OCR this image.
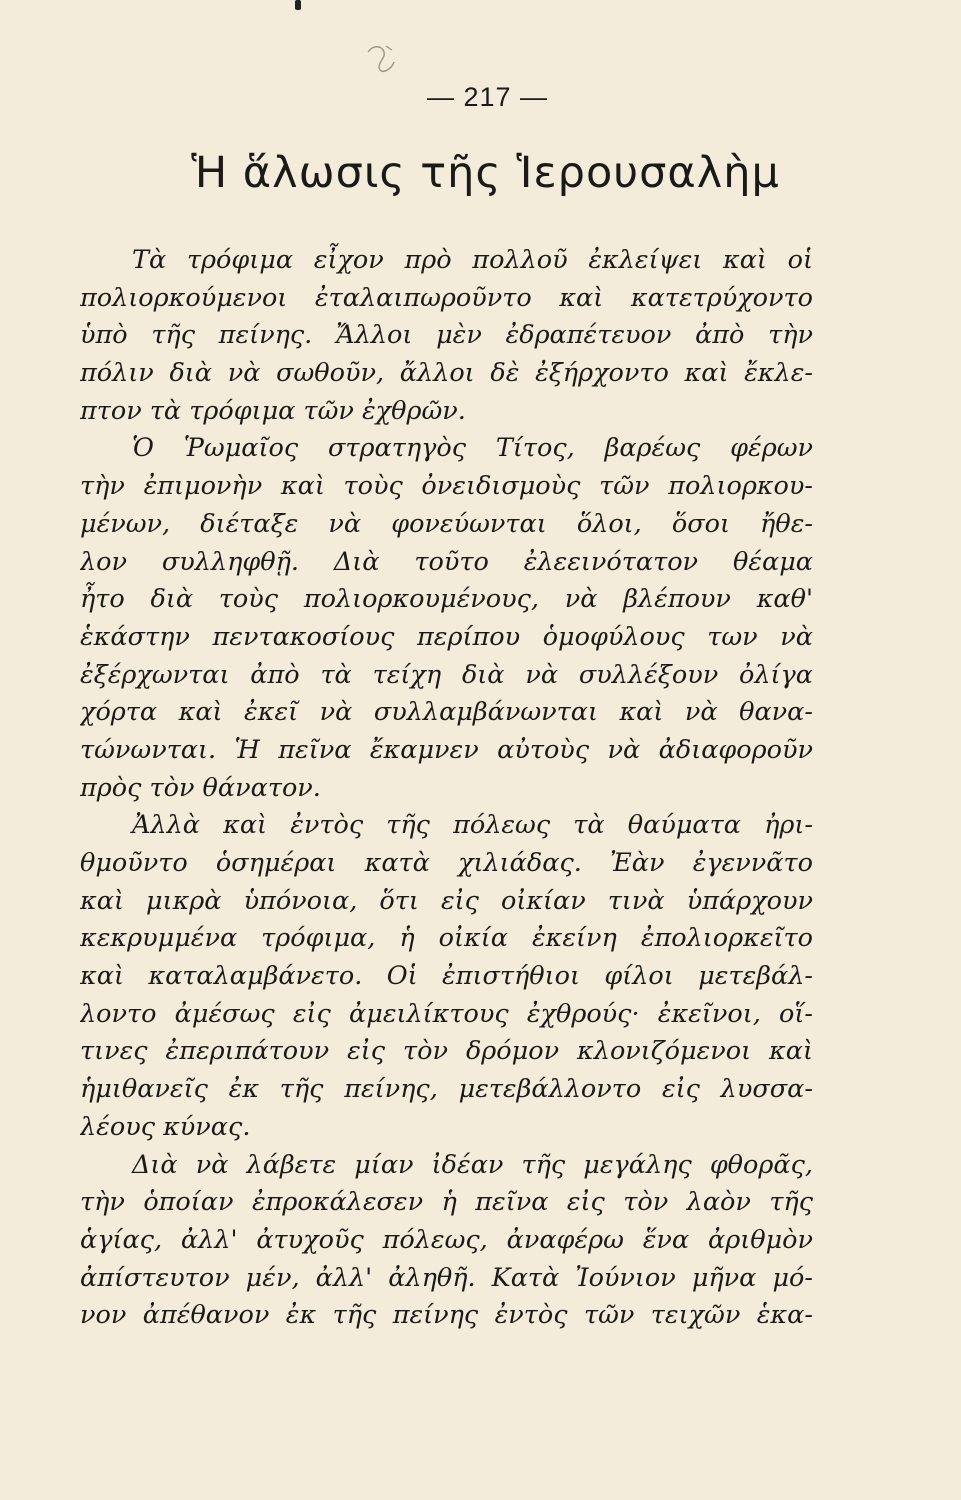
— 217 —
Ἡ ἅλωσις τῆς Ἱερουσαλὴμ
Τὰ τρόφιμα εἶχον πρὸ πολλοῦ ἐκλείψει καὶ οἱ
πολιορκούμενοι ἐταλαιπωροῦντο καὶ κατετρύχοντο
ὑπὸ τῆς πείνης. Ἄλλοι μὲν ἐδραπέτευον ἀπὸ τὴν
πόλιν διὰ νὰ σωθοῦν, ἄλλοι δὲ ἐξήρχοντο καὶ ἔκλε-
πτον τὰ τρόφιμα τῶν ἐχθρῶν.
Ὁ Ῥωμαῖος στρατηγὸς Τίτος, βαρέως φέρων
τὴν ἐπιμονὴν καὶ τοὺς ὀνειδισμοὺς τῶν πολιορκου-
μένων, διέταξε νὰ φονεύωνται ὅλοι, ὅσοι ἤθε-
λον συλληφθῇ. Διὰ τοῦτο ἐλεεινότατον θέαμα
ἦτο διὰ τοὺς πολιορκουμένους, νὰ βλέπουν καθ'
ἑκάστην πεντακοσίους περίπου ὁμοφύλους των νὰ
ἐξέρχωνται ἀπὸ τὰ τείχη διὰ νὰ συλλέξουν ὀλίγα
χόρτα καὶ ἐκεῖ νὰ συλλαμβάνωνται καὶ νὰ θανα-
τώνωνται. Ἡ πεῖνα ἔκαμνεν αὐτοὺς νὰ ἀδιαφοροῦν
πρὸς τὸν θάνατον.
Ἀλλὰ καὶ ἐντὸς τῆς πόλεως τὰ θαύματα ἠρι-
θμοῦντο ὁσημέραι κατὰ χιλιάδας. Ἐὰν ἐγεννᾶτο
καὶ μικρὰ ὑπόνοια, ὅτι εἰς οἰκίαν τινὰ ὑπάρχουν
κεκρυμμένα τρόφιμα, ἡ οἰκία ἐκείνη ἐπολιορκεῖτο
καὶ καταλαμβάνετο. Οἱ ἐπιστήθιοι φίλοι μετεβάλ-
λοντο ἀμέσως εἰς ἀμειλίκτους ἐχθρούς· ἐκεῖνοι, οἵ-
τινες ἐπεριπάτουν εἰς τὸν δρόμον κλονιζόμενοι καὶ
ἡμιθανεῖς ἐκ τῆς πείνης, μετεβάλλοντο εἰς λυσσα-
λέους κύνας.
Διὰ νὰ λάβετε μίαν ἰδέαν τῆς μεγάλης φθορᾶς,
τὴν ὁποίαν ἐπροκάλεσεν ἡ πεῖνα εἰς τὸν λαὸν τῆς
ἁγίας, ἀλλ' ἀτυχοῦς πόλεως, ἀναφέρω ἕνα ἀριθμὸν
ἀπίστευτον μέν, ἀλλ' ἀληθῆ. Κατὰ Ἰούνιον μῆνα μό-
νον ἀπέθανον ἐκ τῆς πείνης ἐντὸς τῶν τειχῶν ἑκα-
